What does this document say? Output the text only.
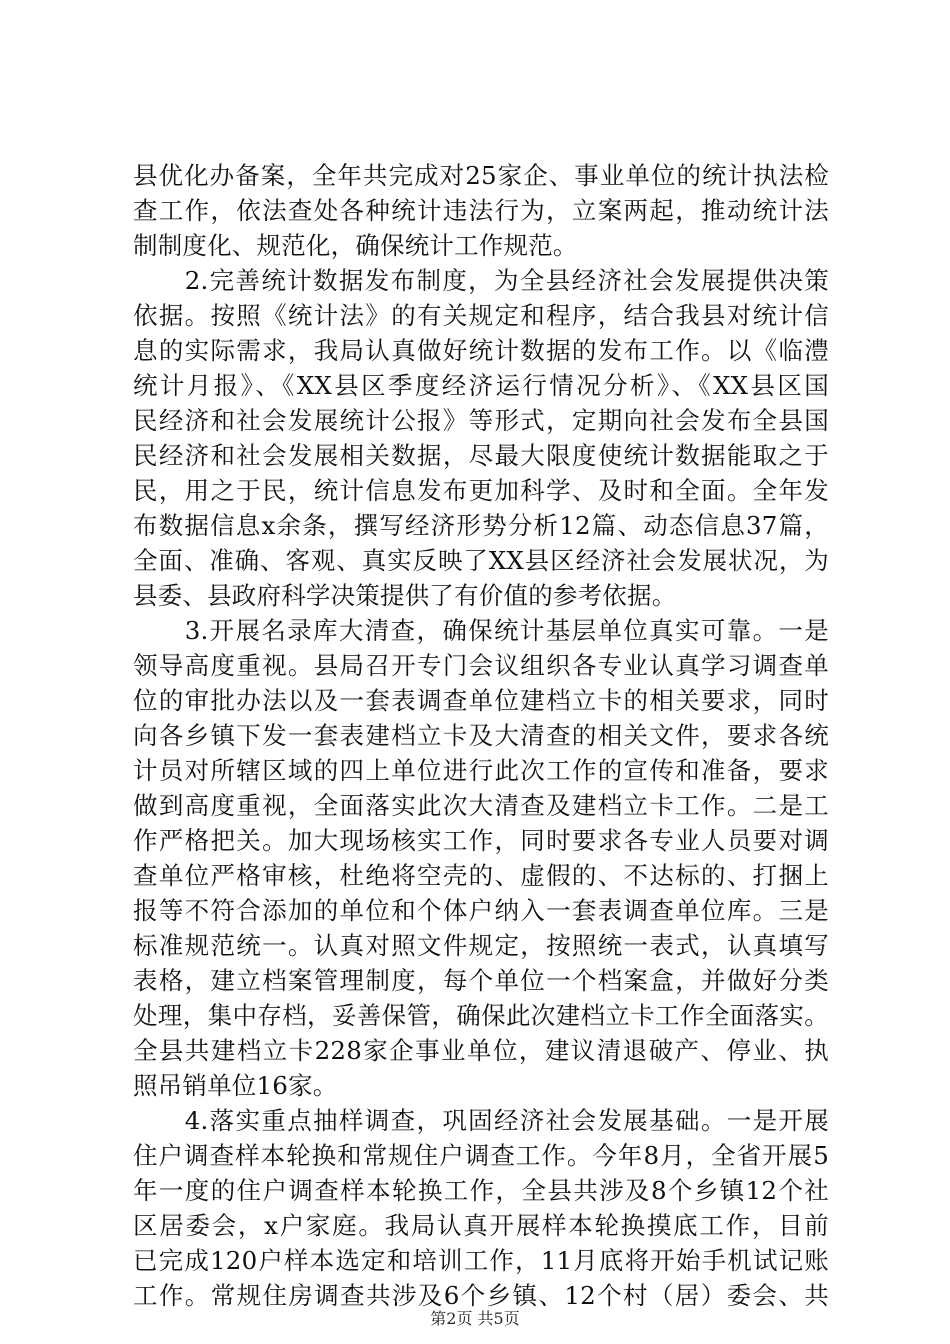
县优化办备案，全年共完成对25家企、事业单位的统计执法检
查工作，依法查处各种统计违法行为，立案两起，推动统计法
制制度化、规范化，确保统计工作规范。
　　2.完善统计数据发布制度，为全县经济社会发展提供决策
依据。按照《统计法》的有关规定和程序，结合我县对统计信
息的实际需求，我局认真做好统计数据的发布工作。以《临澧
统计月报》、《XX县区季度经济运行情况分析》、《XX县区国
民经济和社会发展统计公报》等形式，定期向社会发布全县国
民经济和社会发展相关数据，尽最大限度使统计数据能取之于
民，用之于民，统计信息发布更加科学、及时和全面。全年发
布数据信息x余条，撰写经济形势分析12篇、动态信息37篇，
全面、准确、客观、真实反映了XX县区经济社会发展状况，为
县委、县政府科学决策提供了有价值的参考依据。
　　3.开展名录库大清查，确保统计基层单位真实可靠。一是
领导高度重视。县局召开专门会议组织各专业认真学习调查单
位的审批办法以及一套表调查单位建档立卡的相关要求，同时
向各乡镇下发一套表建档立卡及大清查的相关文件，要求各统
计员对所辖区域的四上单位进行此次工作的宣传和准备，要求
做到高度重视，全面落实此次大清查及建档立卡工作。二是工
作严格把关。加大现场核实工作，同时要求各专业人员要对调
查单位严格审核，杜绝将空壳的、虚假的、不达标的、打捆上
报等不符合添加的单位和个体户纳入一套表调查单位库。三是
标准规范统一。认真对照文件规定，按照统一表式，认真填写
表格，建立档案管理制度，每个单位一个档案盒，并做好分类
处理，集中存档，妥善保管，确保此次建档立卡工作全面落实。
全县共建档立卡228家企事业单位，建议清退破产、停业、执
照吊销单位16家。
　　4.落实重点抽样调查，巩固经济社会发展基础。一是开展
住户调查样本轮换和常规住户调查工作。今年8月，全省开展5
年一度的住户调查样本轮换工作，全县共涉及8个乡镇12个社
区居委会，x户家庭。我局认真开展样本轮换摸底工作，目前
已完成120户样本选定和培训工作，11月底将开始手机试记账
工作。常规住房调查共涉及6个乡镇、12个村（居）委会、共
第2页 共5页
